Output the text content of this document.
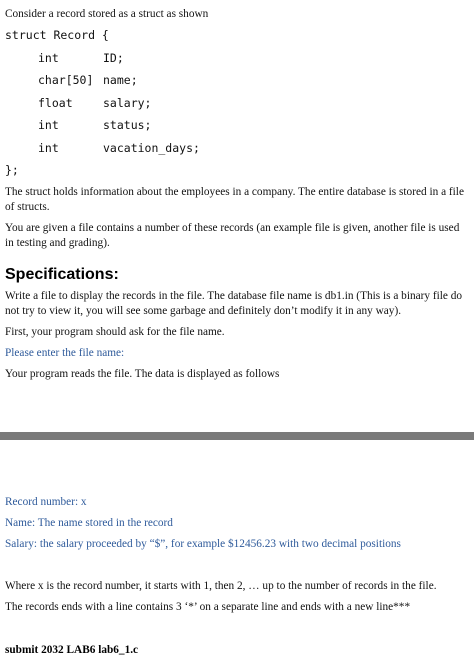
Consider a record stored as a struct as shown

struct Record {
int	ID;
char[50] name;
float	salary;
int	status;
int	vacation_days;
};

The struct holds information about the employees in a company. The entire database is stored in a file of structs.

You are given a file contains a number of these records (an example file is given, another file is used in testing and grading).

Specifications:

Write a file to display the records in the file. The database file name is db1.in (This is a binary file do not try to view it, you will see some garbage and definitely don’t modify it in any way).

First, your program should ask for the file name.

Please enter the file name:

Your program reads the file. The data is displayed as follows

Record number: x

Name: The name stored in the record

Salary: the salary proceeded by “$”, for example $12456.23 with two decimal positions

Where x is the record number, it starts with 1, then 2, … up to the number of records in the file.

The records ends with a line contains 3 ‘*’ on a separate line and ends with a new line***

submit 2032 LAB6 lab6_1.c
